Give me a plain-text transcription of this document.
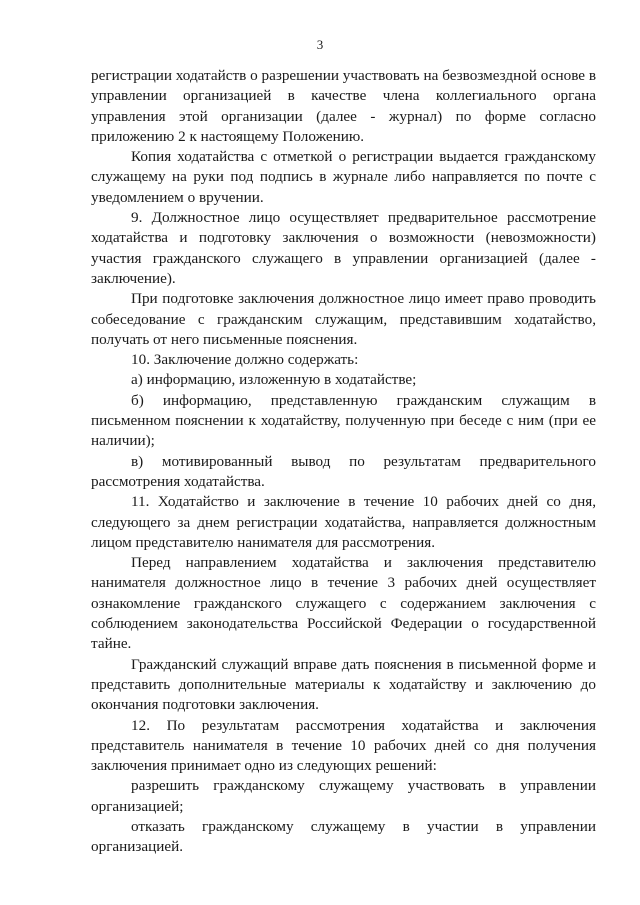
3

регистрации ходатайств о разрешении участвовать на безвозмездной основе в управлении организацией в качестве члена коллегиального органа управления этой организации (далее - журнал) по форме согласно приложению 2 к настоящему Положению.

Копия ходатайства с отметкой о регистрации выдается гражданскому служащему на руки под подпись в журнале либо направляется по почте с уведомлением о вручении.

9. Должностное лицо осуществляет предварительное рассмотрение ходатайства и подготовку заключения о возможности (невозможности) участия гражданского служащего в управлении организацией (далее - заключение).

При подготовке заключения должностное лицо имеет право проводить собеседование с гражданским служащим, представившим ходатайство, получать от него письменные пояснения.

10. Заключение должно содержать:

а) информацию, изложенную в ходатайстве;

б) информацию, представленную гражданским служащим в письменном пояснении к ходатайству, полученную при беседе с ним (при ее наличии);

в) мотивированный вывод по результатам предварительного рассмотрения ходатайства.

11. Ходатайство и заключение в течение 10 рабочих дней со дня, следующего за днем регистрации ходатайства, направляется должностным лицом представителю нанимателя для рассмотрения.

Перед направлением ходатайства и заключения представителю нанимателя должностное лицо в течение 3 рабочих дней осуществляет ознакомление гражданского служащего с содержанием заключения с соблюдением законодательства Российской Федерации о государственной тайне.

Гражданский служащий вправе дать пояснения в письменной форме и представить дополнительные материалы к ходатайству и заключению до окончания подготовки заключения.

12. По результатам рассмотрения ходатайства и заключения представитель нанимателя в течение 10 рабочих дней со дня получения заключения принимает одно из следующих решений:

разрешить гражданскому служащему участвовать в управлении организацией;

отказать гражданскому служащему в участии в управлении организацией.
